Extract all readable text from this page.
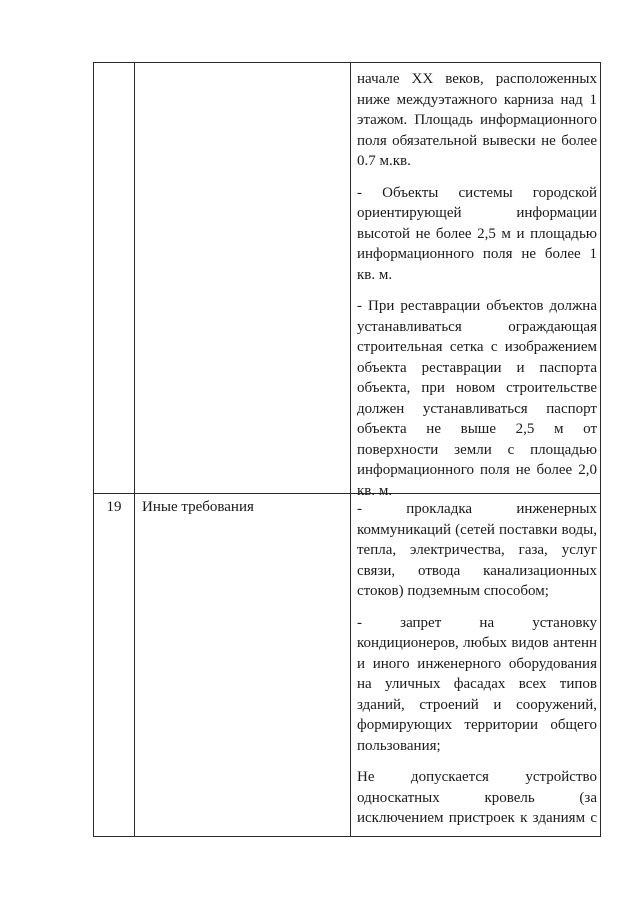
начале XX веков, расположенных ниже междуэтажного карниза над 1 этажом. Площадь информационного поля обязательной вывески не более 0.7 м.кв.

- Объекты системы городской ориентирующей информации высотой не более 2,5 м и площадью информационного поля не более 1 кв. м.

- При реставрации объектов должна устанавливаться ограждающая строительная сетка с изображением объекта реставрации и паспорта объекта, при новом строительстве должен устанавливаться паспорт объекта не выше 2,5 м от поверхности земли с площадью информационного поля не более 2,0 кв. м.

19	Иные требования	- прокладка инженерных коммуникаций (сетей поставки воды, тепла, электричества, газа, услуг связи, отвода канализационных стоков) подземным способом;

- запрет на установку кондиционеров, любых видов антенн и иного инженерного оборудования на уличных фасадах всех типов зданий, строений и сооружений, формирующих территории общего пользования;

Не допускается устройство односкатных кровель (за исключением пристроек к зданиям с
